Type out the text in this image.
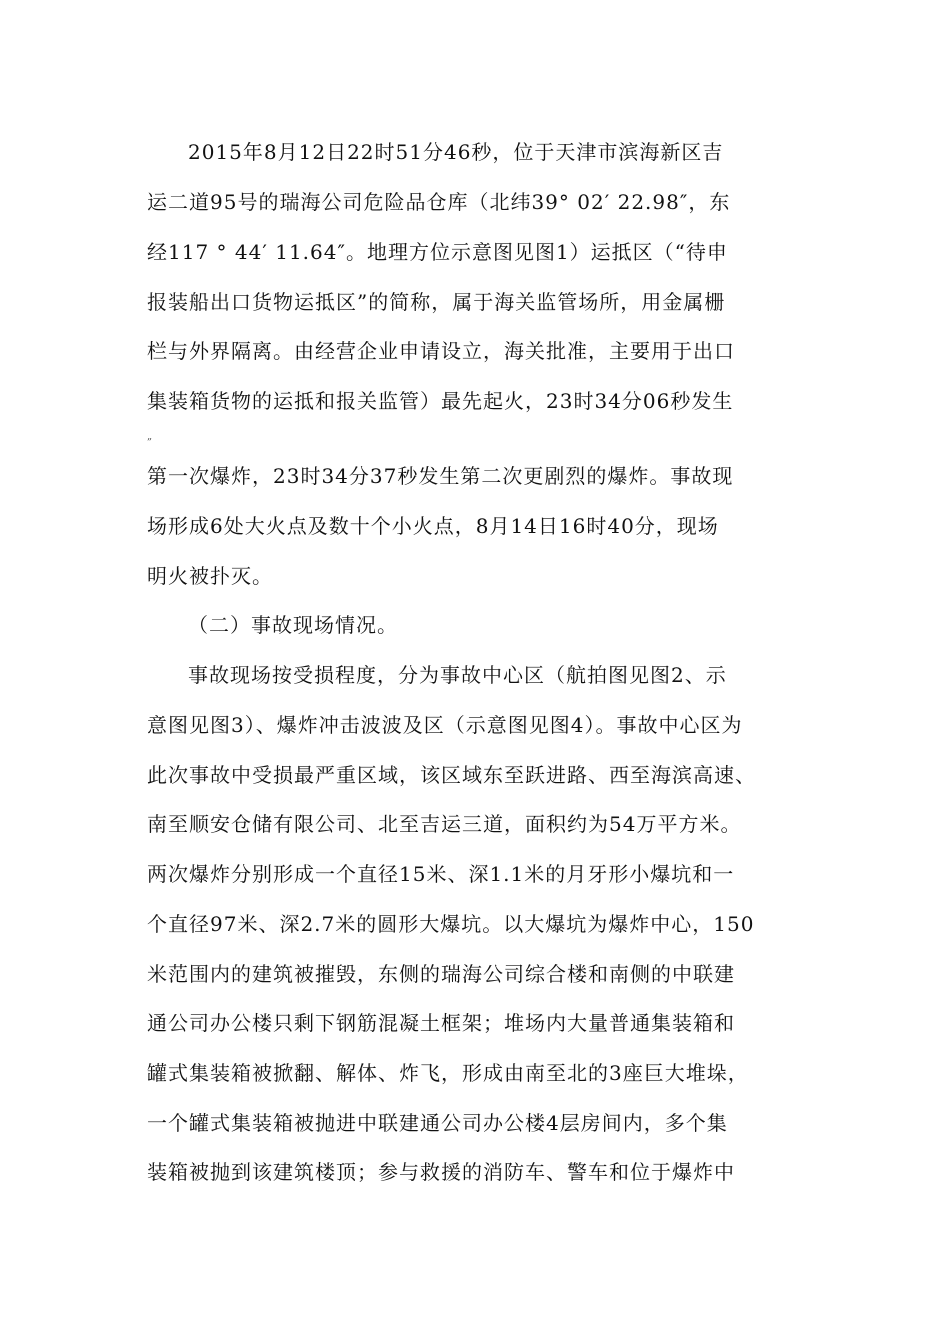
2015年8月12日22时51分46秒，位于天津市滨海新区吉
运二道95号的瑞海公司危险品仓库（北纬39° 02′ 22.98″，东
经117 ° 44′ 11.64″。地理方位示意图见图1）运抵区（“待申
报装船出口货物运抵区”的简称，属于海关监管场所，用金属栅
栏与外界隔离。由经营企业申请设立，海关批准，主要用于出口
集装箱货物的运抵和报关监管）最先起火，23时34分06秒发生
„
第一次爆炸，23时34分37秒发生第二次更剧烈的爆炸。事故现
场形成6处大火点及数十个小火点，8月14日16时40分，现场
明火被扑灭。
（二）事故现场情况。
事故现场按受损程度，分为事故中心区（航拍图见图2、示
意图见图3）、爆炸冲击波波及区（示意图见图4）。事故中心区为
此次事故中受损最严重区域，该区域东至跃进路、西至海滨高速、
南至顺安仓储有限公司、北至吉运三道，面积约为54万平方米。
两次爆炸分别形成一个直径15米、深1.1米的月牙形小爆坑和一
个直径97米、深2.7米的圆形大爆坑。以大爆坑为爆炸中心，150
米范围内的建筑被摧毁，东侧的瑞海公司综合楼和南侧的中联建
通公司办公楼只剩下钢筋混凝土框架；堆场内大量普通集装箱和
罐式集装箱被掀翻、解体、炸飞，形成由南至北的3座巨大堆垛，
一个罐式集装箱被抛进中联建通公司办公楼4层房间内，多个集
装箱被抛到该建筑楼顶；参与救援的消防车、警车和位于爆炸中
